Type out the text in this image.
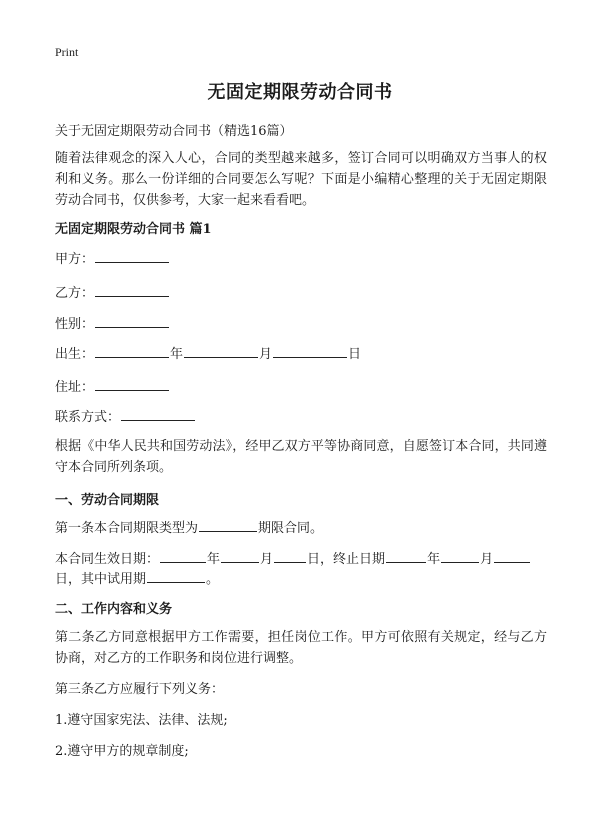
Print
无固定期限劳动合同书
关于无固定期限劳动合同书（精选16篇）
随着法律观念的深入人心，合同的类型越来越多，签订合同可以明确双方当事人的权利和义务。那么一份详细的合同要怎么写呢？下面是小编精心整理的关于无固定期限劳动合同书，仅供参考，大家一起来看看吧。
无固定期限劳动合同书 篇1
甲方：
乙方：
性别：
出生：	年	月	日
住址：
联系方式：
根据《中华人民共和国劳动法》，经甲乙双方平等协商同意，自愿签订本合同，共同遵守本合同所列条项。
一、劳动合同期限
第一条本合同期限类型为	期限合同。
本合同生效日期：	年	月	日，终止日期	年	月
日，其中试用期	。
二、工作内容和义务
第二条乙方同意根据甲方工作需要，担任岗位工作。甲方可依照有关规定，经与乙方协商，对乙方的工作职务和岗位进行调整。
第三条乙方应履行下列义务：
1.遵守国家宪法、法律、法规;
2.遵守甲方的规章制度;
